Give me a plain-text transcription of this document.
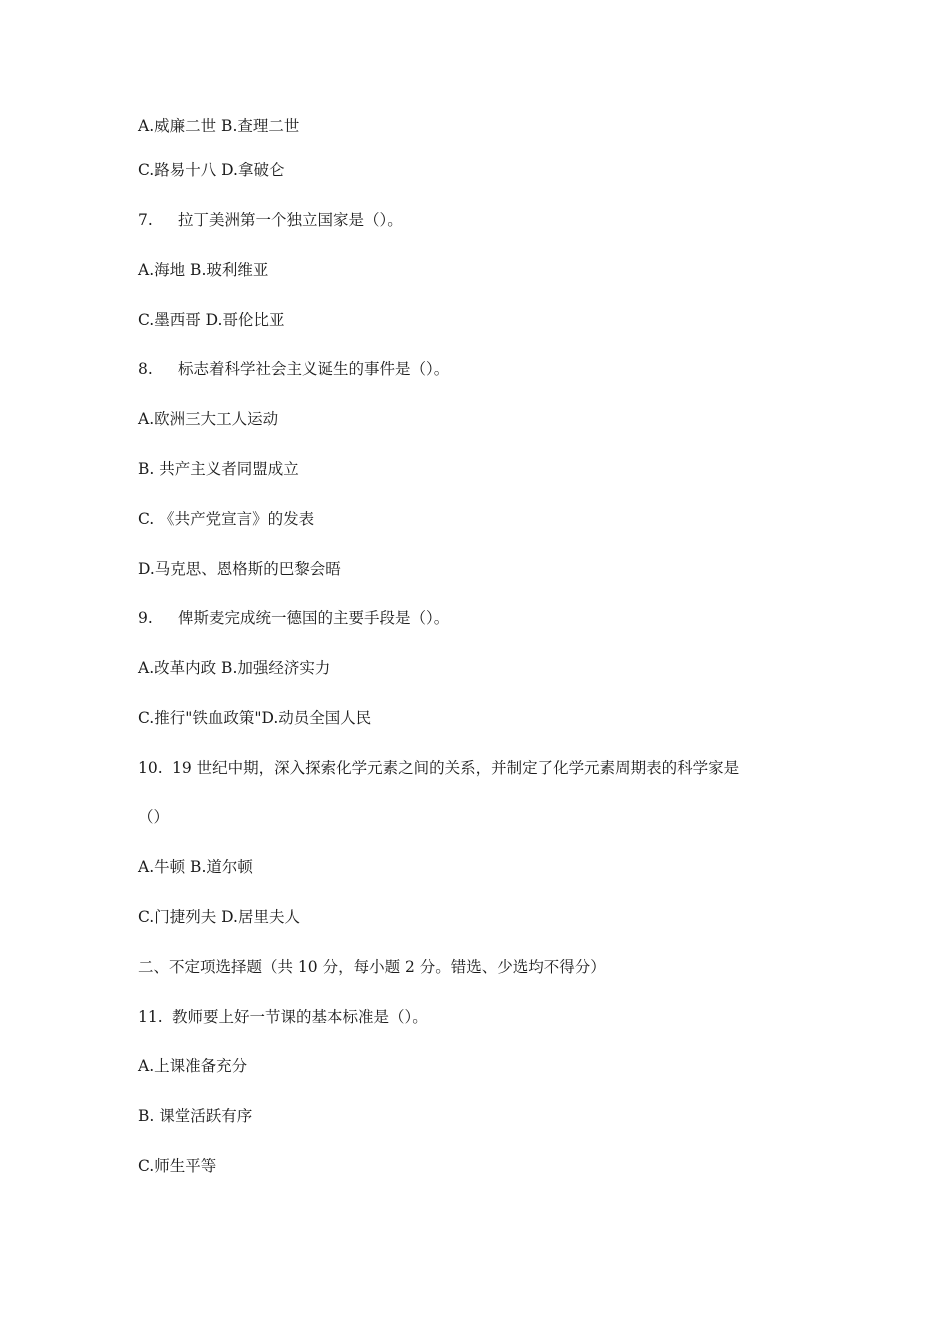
A.威廉二世 B.查理二世
C.路易十八 D.拿破仑
7. 拉丁美洲第一个独立国家是（）。
A.海地 B.玻利维亚
C.墨西哥 D.哥伦比亚
8. 标志着科学社会主义诞生的事件是（）。
A.欧洲三大工人运动
B. 共产主义者同盟成立
C. 《共产党宣言》的发表
D.马克思、恩格斯的巴黎会晤
9. 俾斯麦完成统一德国的主要手段是（）。
A.改革内政 B.加强经济实力
C.推行"铁血政策"D.动员全国人民
10. 19 世纪中期，深入探索化学元素之间的关系，并制定了化学元素周期表的科学家是
（）
A.牛顿 B.道尔顿
C.门捷列夫 D.居里夫人
二、不定项选择题（共 10 分，每小题 2 分。错选、少选均不得分）
11. 教师要上好一节课的基本标准是（）。
A.上课准备充分
B. 课堂活跃有序
C.师生平等
